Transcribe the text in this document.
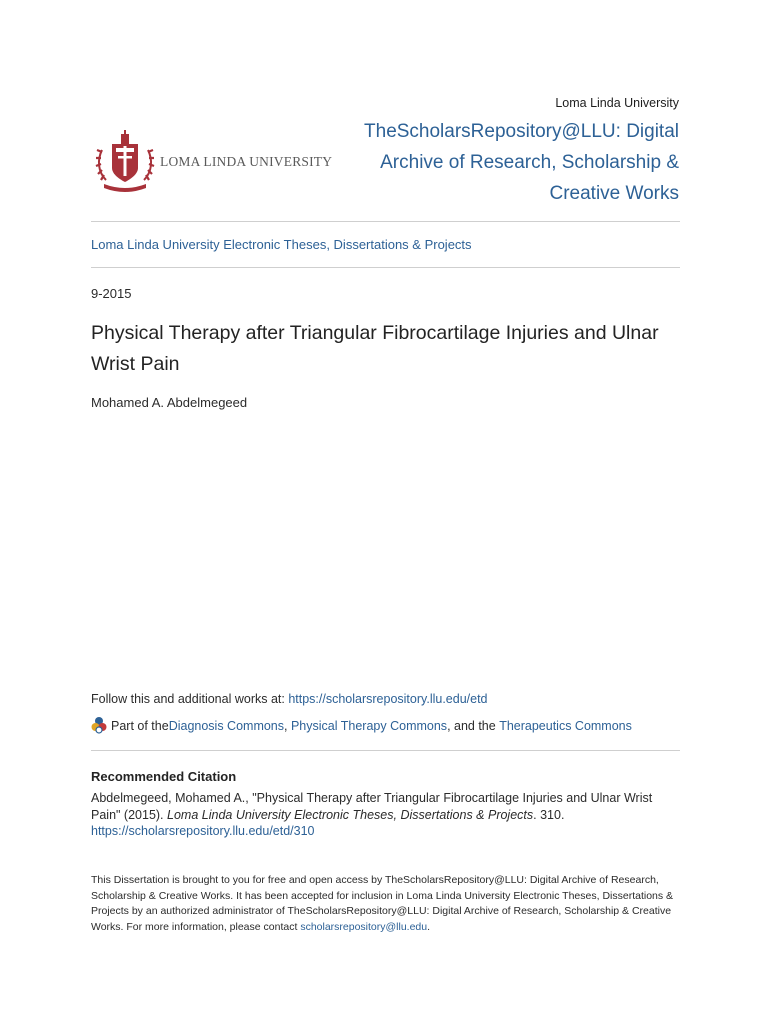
LOMA LINDA UNIVERSITY
Loma Linda University
TheScholarsRepository@LLU: Digital
Archive of Research, Scholarship &
Creative Works
Loma Linda University Electronic Theses, Dissertations & Projects
9-2015
Physical Therapy after Triangular Fibrocartilage Injuries and Ulnar
Wrist Pain
Mohamed A. Abdelmegeed
Follow this and additional works at: https://scholarsrepository.llu.edu/etd
Part of the Diagnosis Commons , Physical Therapy Commons , and the Therapeutics Commons
Recommended Citation
Abdelmegeed, Mohamed A., "Physical Therapy after Triangular Fibrocartilage Injuries and Ulnar Wrist Pain" (2015). Loma Linda University Electronic Theses, Dissertations & Projects. 310.
https://scholarsrepository.llu.edu/etd/310
This Dissertation is brought to you for free and open access by TheScholarsRepository@LLU: Digital Archive of Research, Scholarship & Creative Works. It has been accepted for inclusion in Loma Linda University Electronic Theses, Dissertations & Projects by an authorized administrator of TheScholarsRepository@LLU: Digital Archive of Research, Scholarship & Creative Works. For more information, please contact scholarsrepository@llu.edu.
